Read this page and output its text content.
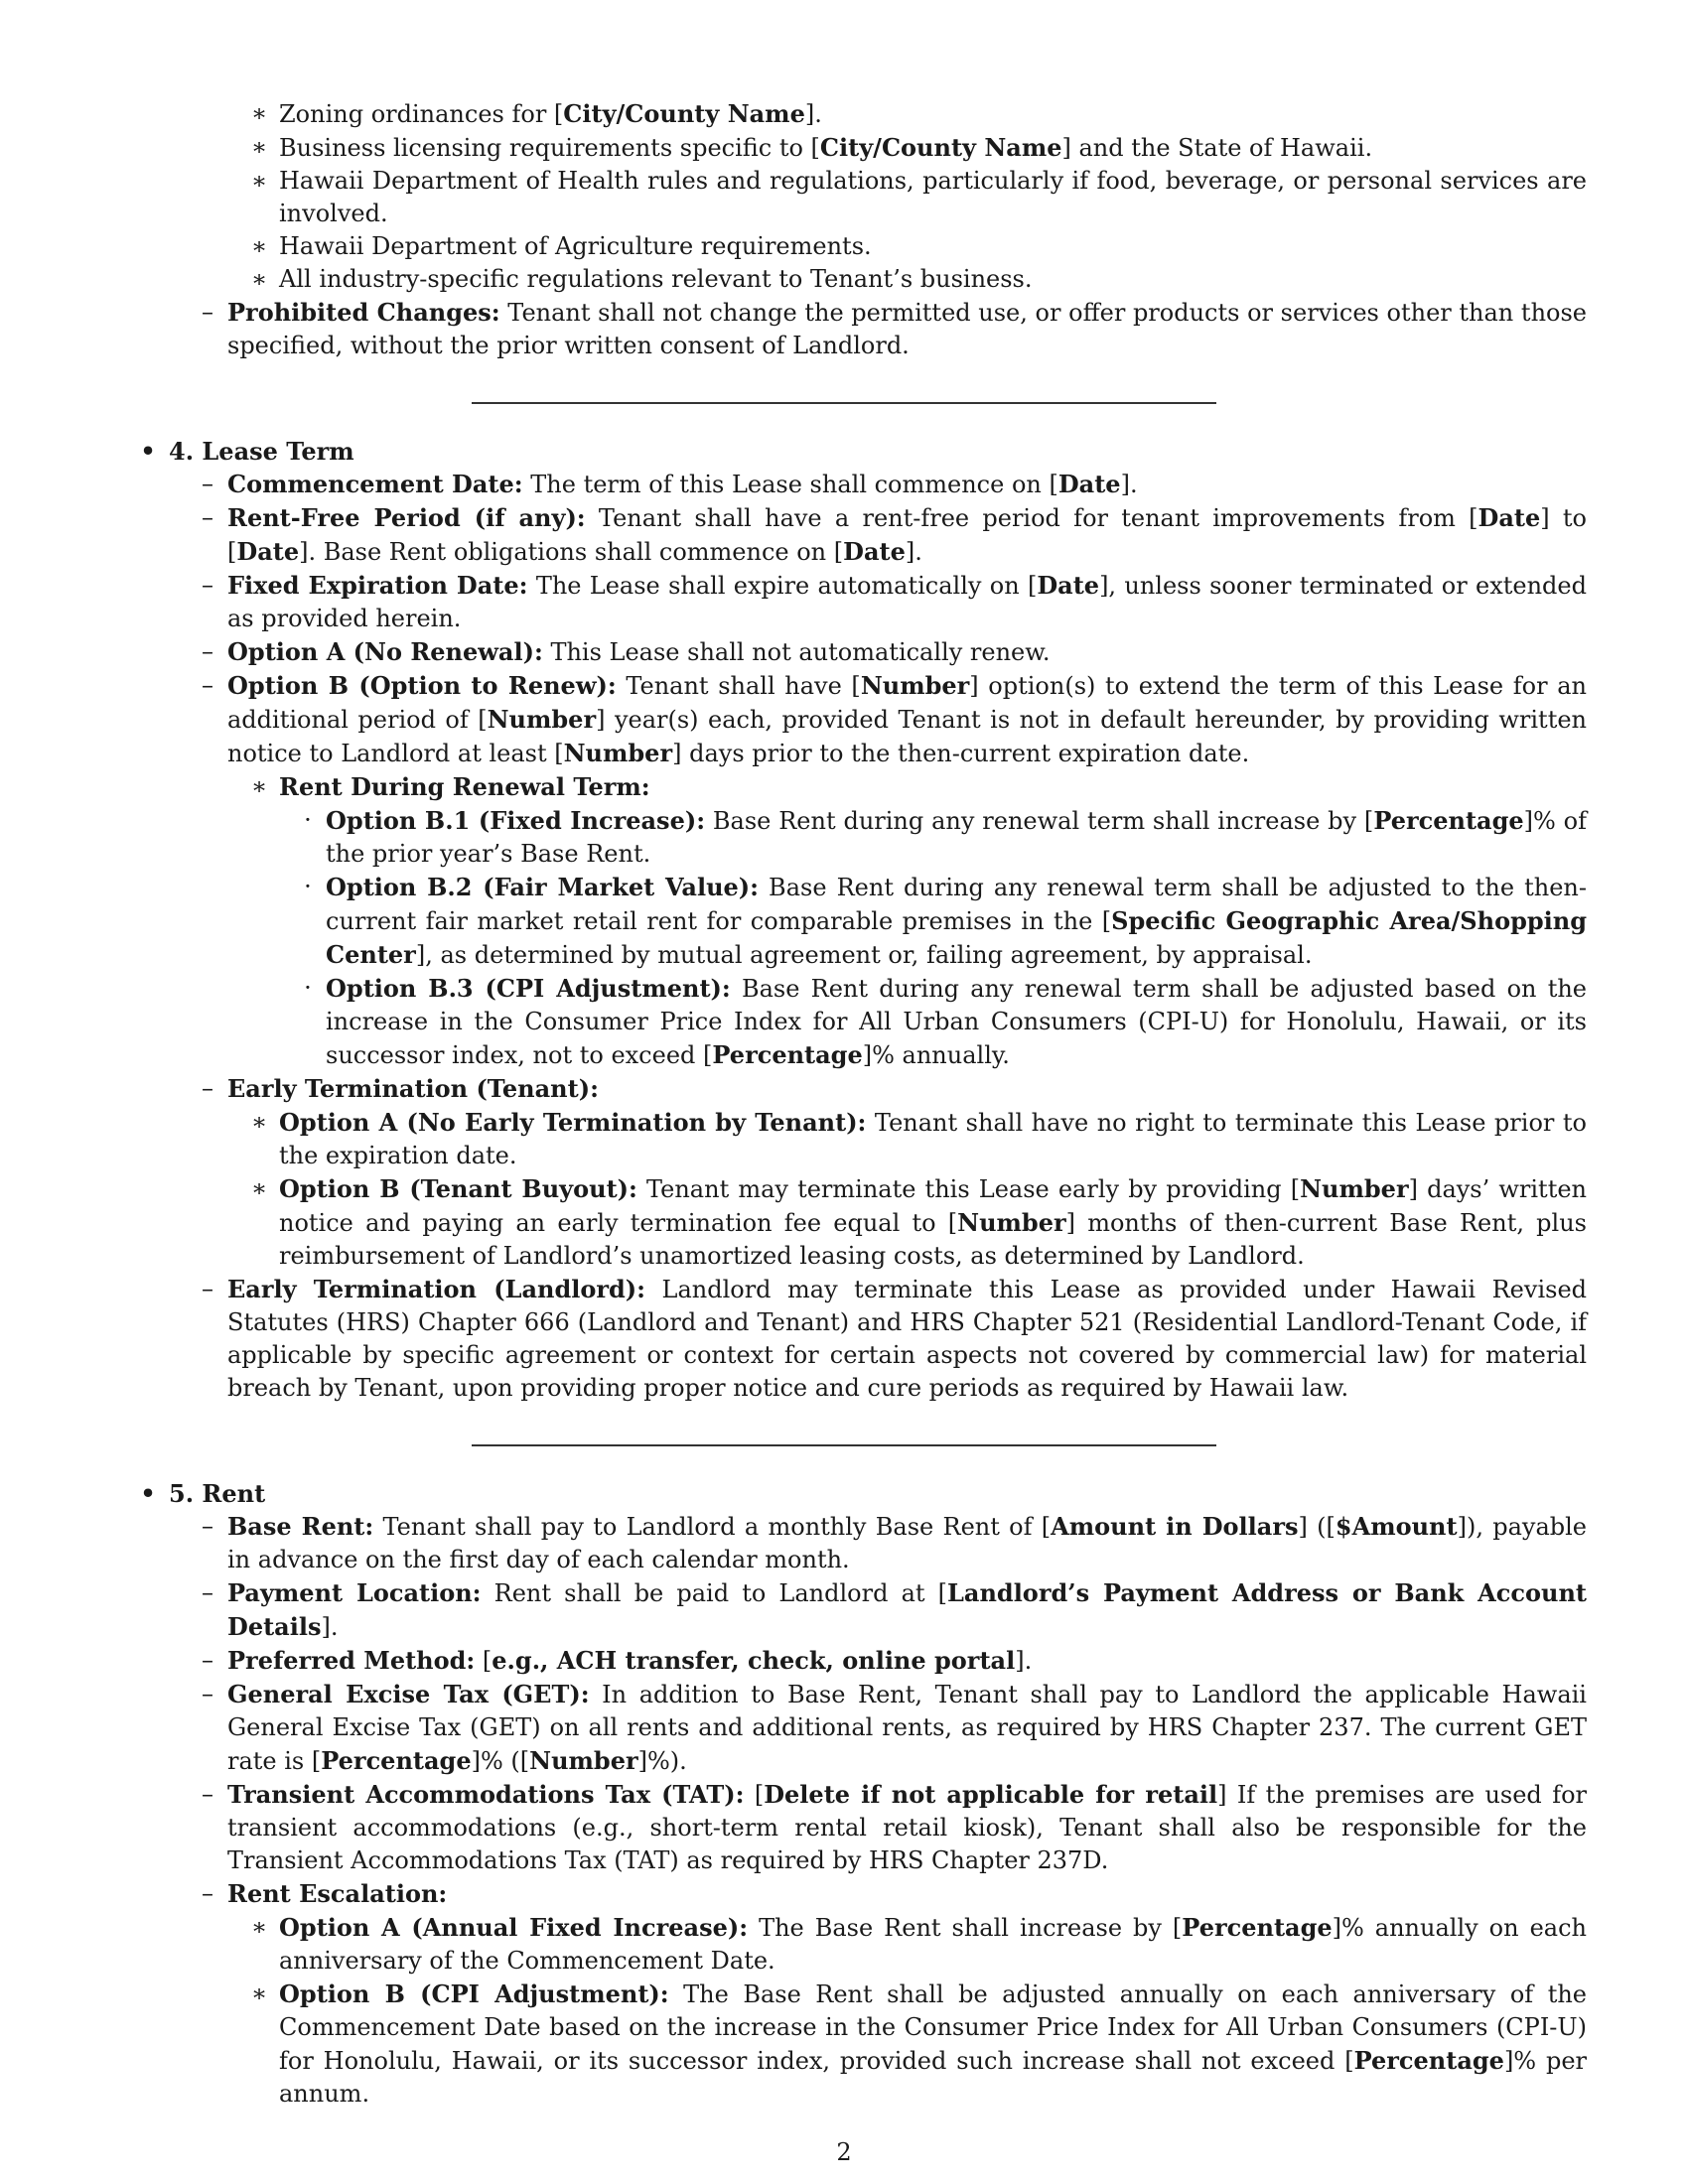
∗ Zoning ordinances for [City/County Name].
∗ Business licensing requirements specific to [City/County Name] and the State of Hawaii.
∗ Hawaii Department of Health rules and regulations, particularly if food, beverage, or personal services are involved.
∗ Hawaii Department of Agriculture requirements.
∗ All industry-specific regulations relevant to Tenant’s business.
– Prohibited Changes: Tenant shall not change the permitted use, or offer products or services other than those specified, without the prior written consent of Landlord.
• 4. Lease Term
– Commencement Date: The term of this Lease shall commence on [Date].
– Rent-Free Period (if any): Tenant shall have a rent-free period for tenant improvements from [Date] to [Date]. Base Rent obligations shall commence on [Date].
– Fixed Expiration Date: The Lease shall expire automatically on [Date], unless sooner terminated or extended as provided herein.
– Option A (No Renewal): This Lease shall not automatically renew.
– Option B (Option to Renew): Tenant shall have [Number] option(s) to extend the term of this Lease for an additional period of [Number] year(s) each, provided Tenant is not in default hereunder, by providing written notice to Landlord at least [Number] days prior to the then-current expiration date.
∗ Rent During Renewal Term:
· Option B.1 (Fixed Increase): Base Rent during any renewal term shall increase by [Percentage]% of the prior year’s Base Rent.
· Option B.2 (Fair Market Value): Base Rent during any renewal term shall be adjusted to the then-current fair market retail rent for comparable premises in the [Specific Geographic Area/Shopping Center], as determined by mutual agreement or, failing agreement, by appraisal.
· Option B.3 (CPI Adjustment): Base Rent during any renewal term shall be adjusted based on the increase in the Consumer Price Index for All Urban Consumers (CPI-U) for Honolulu, Hawaii, or its successor index, not to exceed [Percentage]% annually.
– Early Termination (Tenant):
∗ Option A (No Early Termination by Tenant): Tenant shall have no right to terminate this Lease prior to the expiration date.
∗ Option B (Tenant Buyout): Tenant may terminate this Lease early by providing [Number] days’ written notice and paying an early termination fee equal to [Number] months of then-current Base Rent, plus reimbursement of Landlord’s unamortized leasing costs, as determined by Landlord.
– Early Termination (Landlord): Landlord may terminate this Lease as provided under Hawaii Revised Statutes (HRS) Chapter 666 (Landlord and Tenant) and HRS Chapter 521 (Residential Landlord-Tenant Code, if applicable by specific agreement or context for certain aspects not covered by commercial law) for material breach by Tenant, upon providing proper notice and cure periods as required by Hawaii law.
• 5. Rent
– Base Rent: Tenant shall pay to Landlord a monthly Base Rent of [Amount in Dollars] ([$Amount]), payable in advance on the first day of each calendar month.
– Payment Location: Rent shall be paid to Landlord at [Landlord’s Payment Address or Bank Account Details].
– Preferred Method: [e.g., ACH transfer, check, online portal].
– General Excise Tax (GET): In addition to Base Rent, Tenant shall pay to Landlord the applicable Hawaii General Excise Tax (GET) on all rents and additional rents, as required by HRS Chapter 237. The current GET rate is [Percentage]% ([Number]%).
– Transient Accommodations Tax (TAT): [Delete if not applicable for retail] If the premises are used for transient accommodations (e.g., short-term rental retail kiosk), Tenant shall also be responsible for the Transient Accommodations Tax (TAT) as required by HRS Chapter 237D.
– Rent Escalation:
∗ Option A (Annual Fixed Increase): The Base Rent shall increase by [Percentage]% annually on each anniversary of the Commencement Date.
∗ Option B (CPI Adjustment): The Base Rent shall be adjusted annually on each anniversary of the Commencement Date based on the increase in the Consumer Price Index for All Urban Consumers (CPI-U) for Honolulu, Hawaii, or its successor index, provided such increase shall not exceed [Percentage]% per annum.
2
